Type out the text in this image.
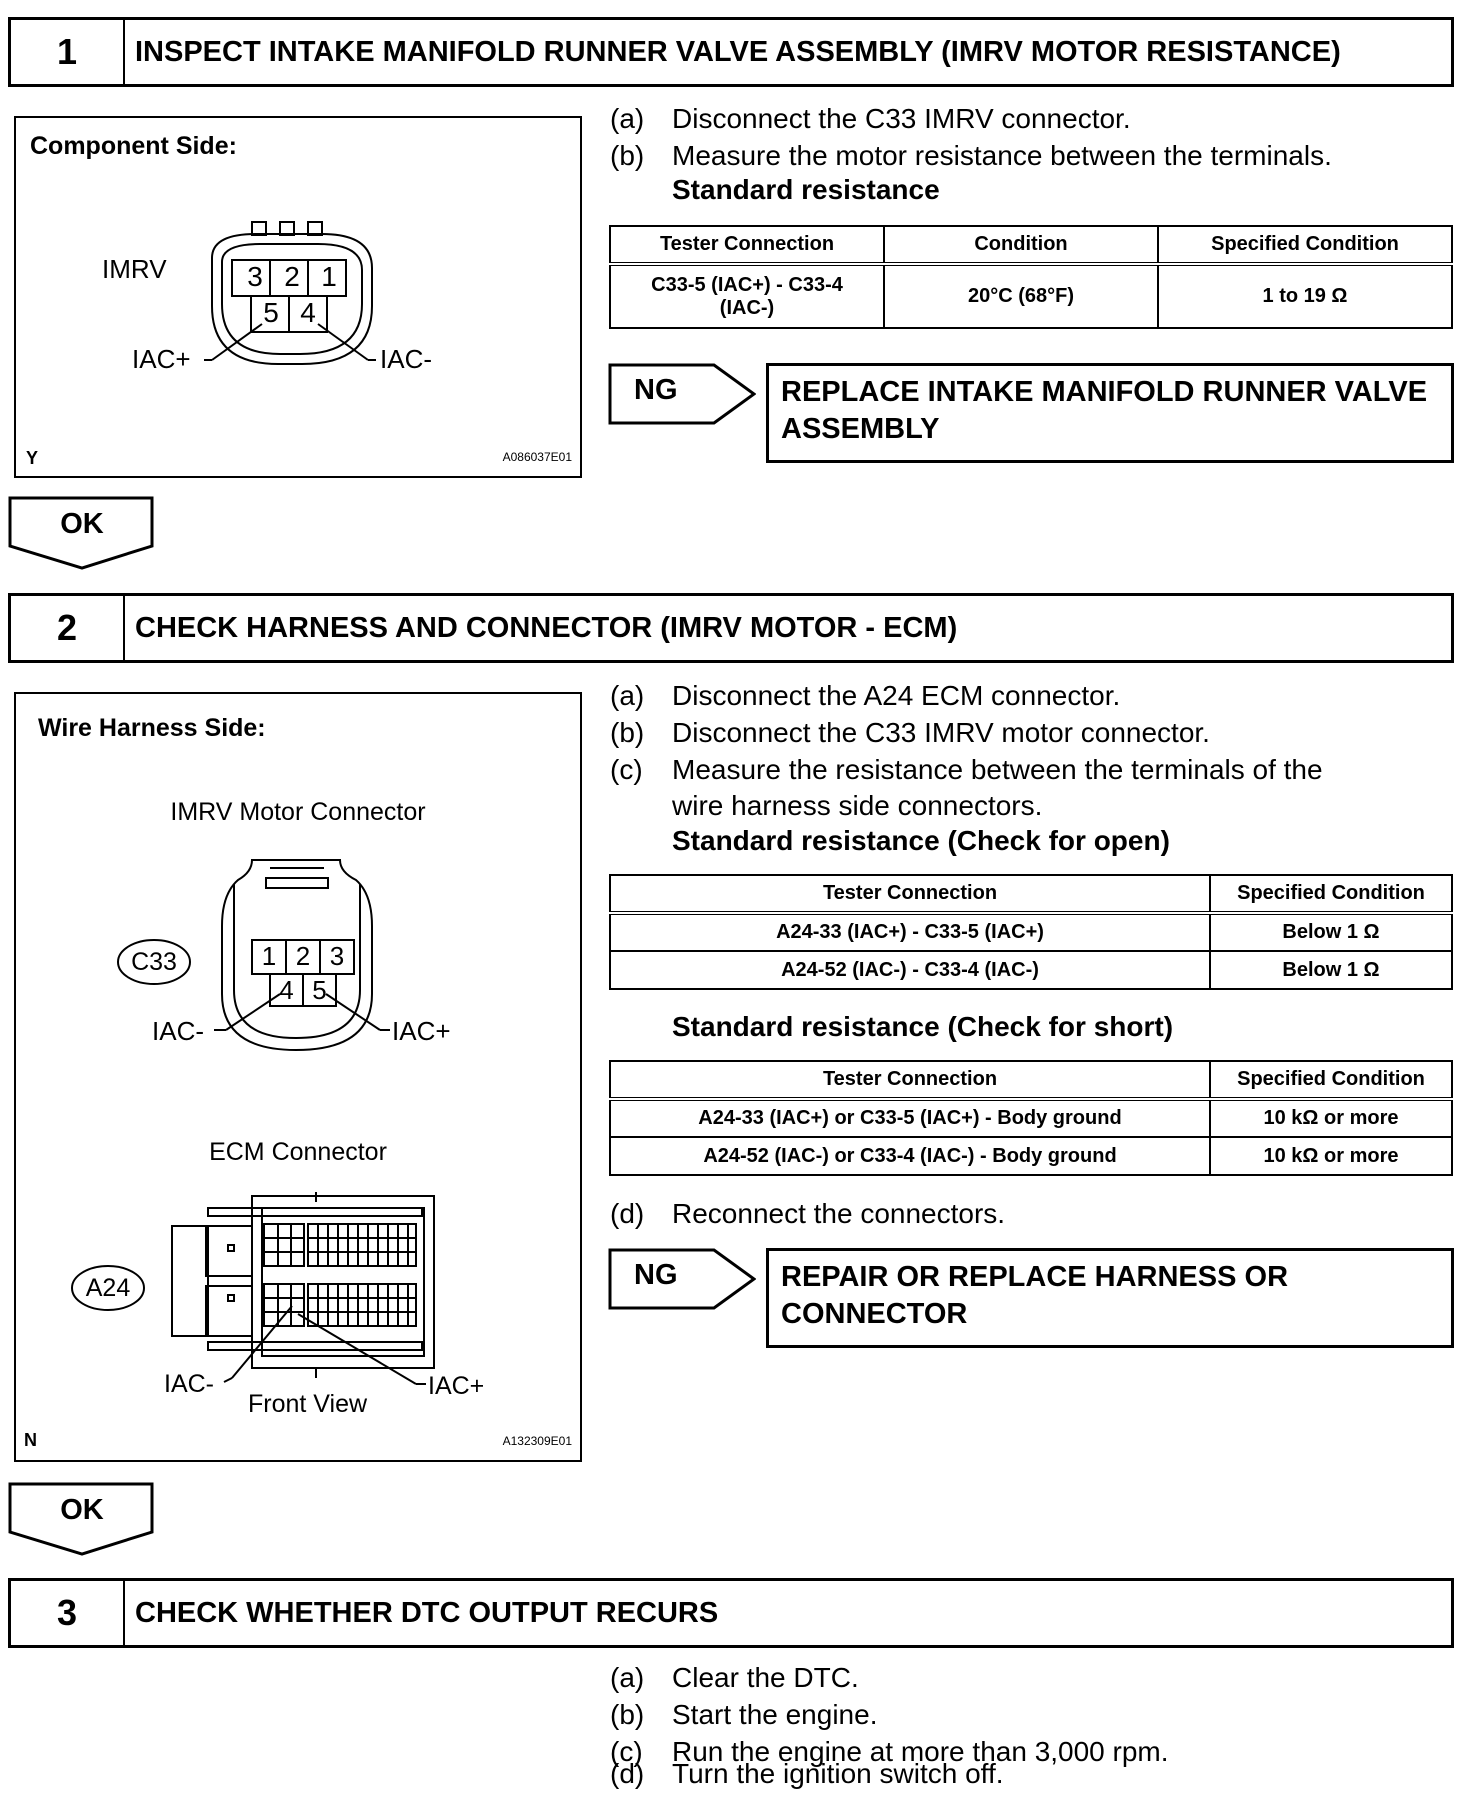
1	INSPECT INTAKE MANIFOLD RUNNER VALVE ASSEMBLY (IMRV MOTOR RESISTANCE)
Component Side:
IMRV	3 2 1
5 4
IAC+	IAC-
Y	A086037E01
(a) Disconnect the C33 IMRV connector.
(b) Measure the motor resistance between the terminals.
Standard resistance
Tester Connection	Condition	Specified Condition
C33-5 (IAC+) - C33-4 (IAC-)	20°C (68°F)	1 to 19 Ω
NG	REPLACE INTAKE MANIFOLD RUNNER VALVE ASSEMBLY
OK
2	CHECK HARNESS AND CONNECTOR (IMRV MOTOR - ECM)
Wire Harness Side:
IMRV Motor Connector
C33	1 2 3
4 5
IAC-	IAC+
ECM Connector
A24
IAC-	IAC+
Front View
N	A132309E01
(a) Disconnect the A24 ECM connector.
(b) Disconnect the C33 IMRV motor connector.
(c) Measure the resistance between the terminals of the
wire harness side connectors.
Standard resistance (Check for open)
Tester Connection	Specified Condition
A24-33 (IAC+) - C33-5 (IAC+)	Below 1 Ω
A24-52 (IAC-) - C33-4 (IAC-)	Below 1 Ω
Standard resistance (Check for short)
Tester Connection	Specified Condition
A24-33 (IAC+) or C33-5 (IAC+) - Body ground	10 kΩ or more
A24-52 (IAC-) or C33-4 (IAC-) - Body ground	10 kΩ or more
(d) Reconnect the connectors.
NG	REPAIR OR REPLACE HARNESS OR CONNECTOR
OK
3	CHECK WHETHER DTC OUTPUT RECURS
(a) Clear the DTC.
(b) Start the engine.
(c) Run the engine at more than 3,000 rpm.
(d) Turn the ignition switch off.
